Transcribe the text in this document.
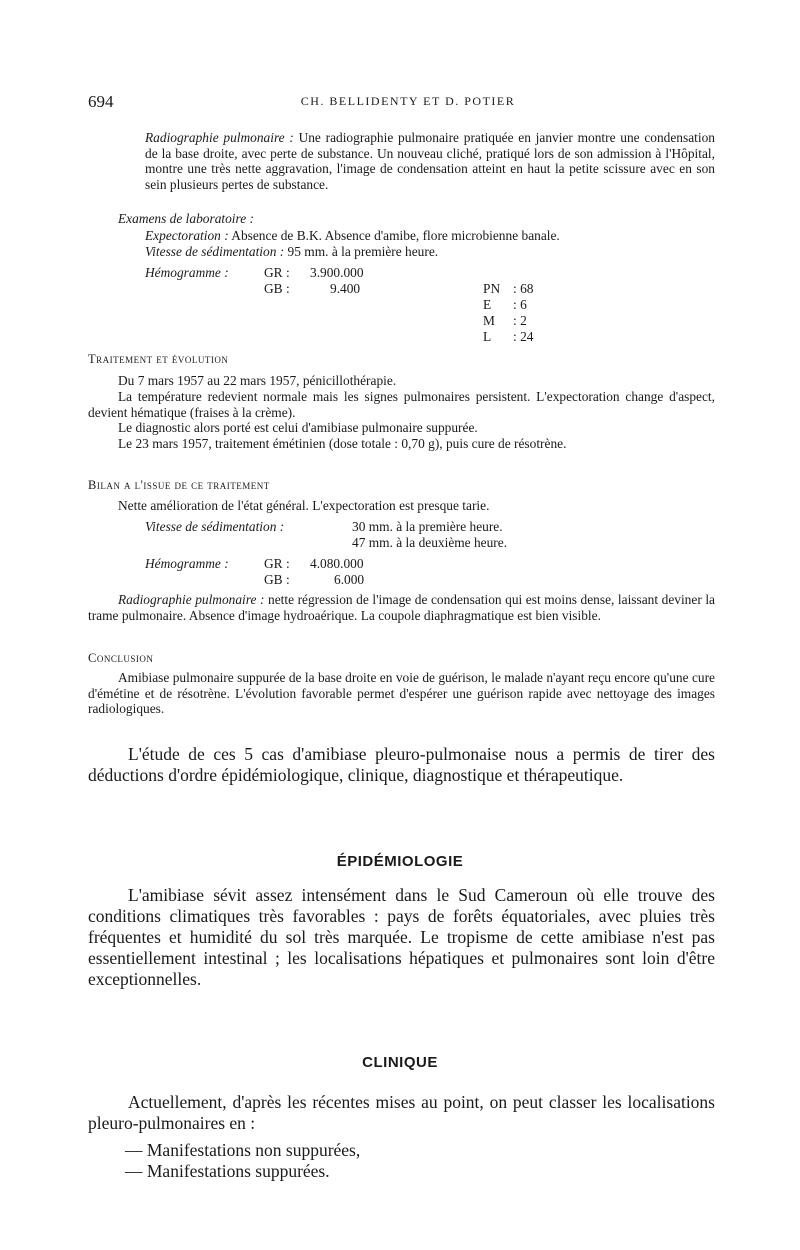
694	CH. BELLIDENTY ET D. POTIER
Radiographie pulmonaire : Une radiographie pulmonaire pratiquée en janvier montre une condensation de la base droite, avec perte de substance. Un nouveau cliché, pratiqué lors de son admission à l'Hôpital, montre une très nette aggravation, l'image de condensation atteint en haut la petite scissure avec en son sein plusieurs pertes de substance.
Examens de laboratoire :
Expectoration : Absence de B.K. Absence d'amibe, flore microbienne banale.
Vitesse de sédimentation : 95 mm. à la première heure.
Hémogramme :	GR : 3.900.000
GB :	9.400	PN : 68
E : 6
M : 2
L : 24
Traitement et évolution
Du 7 mars 1957 au 22 mars 1957, pénicillothérapie.
La température redevient normale mais les signes pulmonaires persistent. L'expectoration change d'aspect, devient hématique (fraises à la crème).
Le diagnostic alors porté est celui d'amibiase pulmonaire suppurée.
Le 23 mars 1957, traitement émétinien (dose totale : 0,70 g), puis cure de résotrène.
Bilan a l'issue de ce traitement
Nette amélioration de l'état général. L'expectoration est presque tarie.
Vitesse de sédimentation :	30 mm. à la première heure.
47 mm. à la deuxième heure.
Hémogramme :	GR : 4.080.000
GB :	6.000
Radiographie pulmonaire : nette régression de l'image de condensation qui est moins dense, laissant deviner la trame pulmonaire. Absence d'image hydroaérique. La coupole diaphragmatique est bien visible.
Conclusion
Amibiase pulmonaire suppurée de la base droite en voie de guérison, le malade n'ayant reçu encore qu'une cure d'émétine et de résotrène. L'évolution favorable permet d'espérer une guérison rapide avec nettoyage des images radiologiques.
L'étude de ces 5 cas d'amibiase pleuro-pulmonaise nous a permis de tirer des déductions d'ordre épidémiologique, clinique, diagnostique et thérapeutique.
ÉPIDÉMIOLOGIE
L'amibiase sévit assez intensément dans le Sud Cameroun où elle trouve des conditions climatiques très favorables : pays de forêts équatoriales, avec pluies très fréquentes et humidité du sol très marquée. Le tropisme de cette amibiase n'est pas essentiellement intestinal ; les localisations hépatiques et pulmonaires sont loin d'être exceptionnelles.
CLINIQUE
Actuellement, d'après les récentes mises au point, on peut classer les localisations pleuro-pulmonaires en :
— Manifestations non suppurées,
— Manifestations suppurées.
